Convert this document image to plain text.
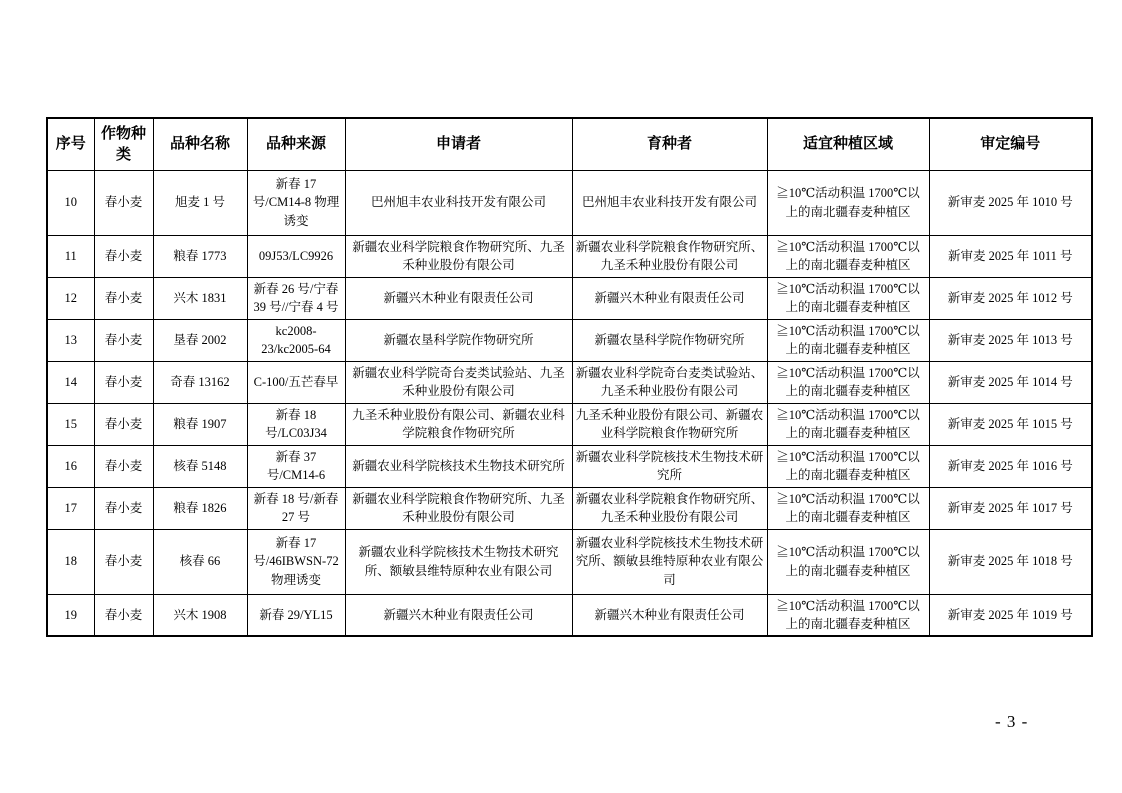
序号	作物种类	品种名称	品种来源	申请者	育种者	适宜种植区域	审定编号
10	春小麦	旭麦 1 号	新春 17 号/CM14-8 物理诱变	巴州旭丰农业科技开发有限公司	巴州旭丰农业科技开发有限公司	≧10℃活动积温 1700℃以上的南北疆春麦种植区	新审麦 2025 年 1010 号
11	春小麦	粮春 1773	09J53/LC9926	新疆农业科学院粮食作物研究所、九圣禾种业股份有限公司	新疆农业科学院粮食作物研究所、九圣禾种业股份有限公司	≧10℃活动积温 1700℃以上的南北疆春麦种植区	新审麦 2025 年 1011 号
12	春小麦	兴木 1831	新春 26 号/宁春 39 号//宁春 4 号	新疆兴木种业有限责任公司	新疆兴木种业有限责任公司	≧10℃活动积温 1700℃以上的南北疆春麦种植区	新审麦 2025 年 1012 号
13	春小麦	垦春 2002	kc2008-23/kc2005-64	新疆农垦科学院作物研究所	新疆农垦科学院作物研究所	≧10℃活动积温 1700℃以上的南北疆春麦种植区	新审麦 2025 年 1013 号
14	春小麦	奇春 13162	C-100/五芒春早	新疆农业科学院奇台麦类试验站、九圣禾种业股份有限公司	新疆农业科学院奇台麦类试验站、九圣禾种业股份有限公司	≧10℃活动积温 1700℃以上的南北疆春麦种植区	新审麦 2025 年 1014 号
15	春小麦	粮春 1907	新春 18 号/LC03J34	九圣禾种业股份有限公司、新疆农业科学院粮食作物研究所	九圣禾种业股份有限公司、新疆农业科学院粮食作物研究所	≧10℃活动积温 1700℃以上的南北疆春麦种植区	新审麦 2025 年 1015 号
16	春小麦	核春 5148	新春 37 号/CM14-6	新疆农业科学院核技术生物技术研究所	新疆农业科学院核技术生物技术研究所	≧10℃活动积温 1700℃以上的南北疆春麦种植区	新审麦 2025 年 1016 号
17	春小麦	粮春 1826	新春 18 号/新春 27 号	新疆农业科学院粮食作物研究所、九圣禾种业股份有限公司	新疆农业科学院粮食作物研究所、九圣禾种业股份有限公司	≧10℃活动积温 1700℃以上的南北疆春麦种植区	新审麦 2025 年 1017 号
18	春小麦	核春 66	新春 17 号/46IBWSN-72 物理诱变	新疆农业科学院核技术生物技术研究所、额敏县维特原种农业有限公司	新疆农业科学院核技术生物技术研究所、额敏县维特原种农业有限公司	≧10℃活动积温 1700℃以上的南北疆春麦种植区	新审麦 2025 年 1018 号
19	春小麦	兴木 1908	新春 29/YL15	新疆兴木种业有限责任公司	新疆兴木种业有限责任公司	≧10℃活动积温 1700℃以上的南北疆春麦种植区	新审麦 2025 年 1019 号
- 3 -
